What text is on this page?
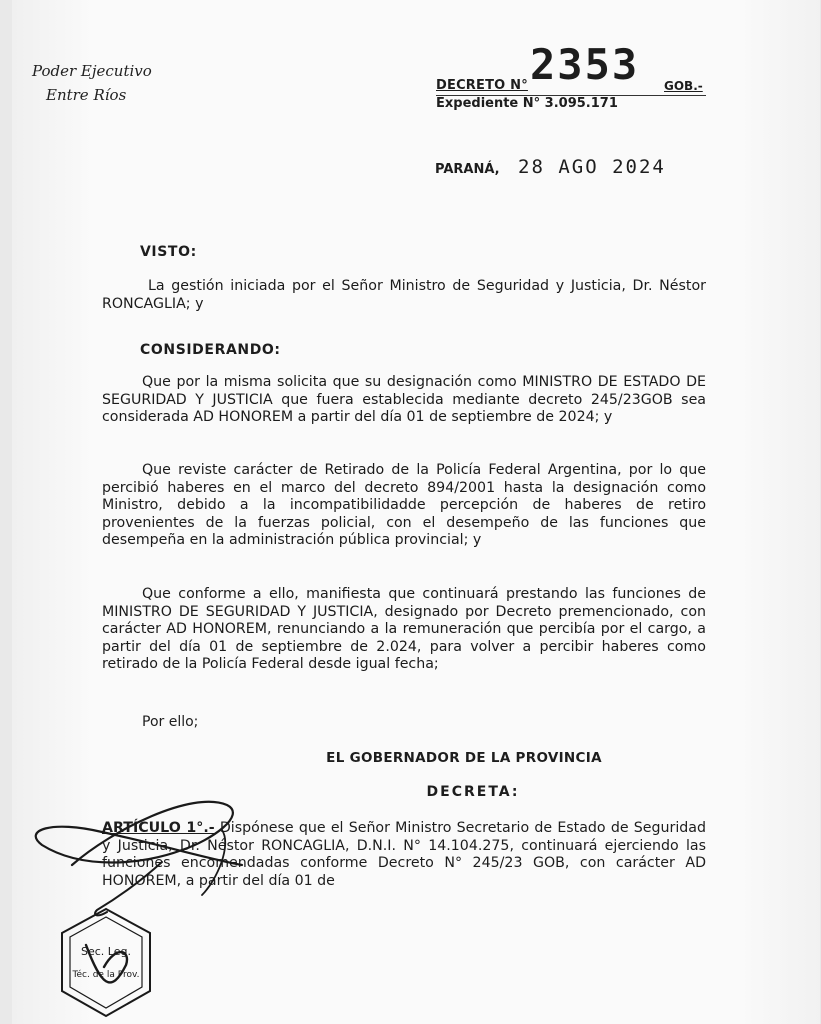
Poder Ejecutivo
Entre Ríos
DECRETO N° 2353 GOB.-
Expediente N° 3.095.171
PARANÁ, 28 AGO 2024
VISTO:
La gestión iniciada por el Señor Ministro de Seguridad y Justicia, Dr. Néstor RONCAGLIA; y
CONSIDERANDO:
Que por la misma solicita que su designación como MINISTRO DE ESTADO DE SEGURIDAD Y JUSTICIA que fuera establecida mediante decreto 245/23GOB sea considerada AD HONOREM a partir del día 01 de septiembre de 2024; y
Que reviste carácter de Retirado de la Policía Federal Argentina, por lo que percibió haberes en el marco del decreto 894/2001 hasta la designación como Ministro, debido a la incompatibilidadde percepción de haberes de retiro provenientes de la fuerzas policial, con el desempeño de las funciones que desempeña en la administración pública provincial; y
Que conforme a ello, manifiesta que continuará prestando las funciones de MINISTRO DE SEGURIDAD Y JUSTICIA, designado por Decreto premencionado, con carácter AD HONOREM, renunciando a la remuneración que percibía por el cargo, a partir del día 01 de septiembre de 2.024, para volver a percibir haberes como retirado de la Policía Federal desde igual fecha;
Por ello;
EL GOBERNADOR DE LA PROVINCIA
DECRETA:
ARTÍCULO 1°.- Dispónese que el Señor Ministro Secretario de Estado de Seguridad y Justicia, Dr. Néstor RONCAGLIA, D.N.I. N° 14.104.275, continuará ejerciendo las funciones encomendadas conforme Decreto N° 245/23 GOB, con carácter AD HONOREM, a partir del día 01 de
Sec. Leg.
Téc. de la Prov.
